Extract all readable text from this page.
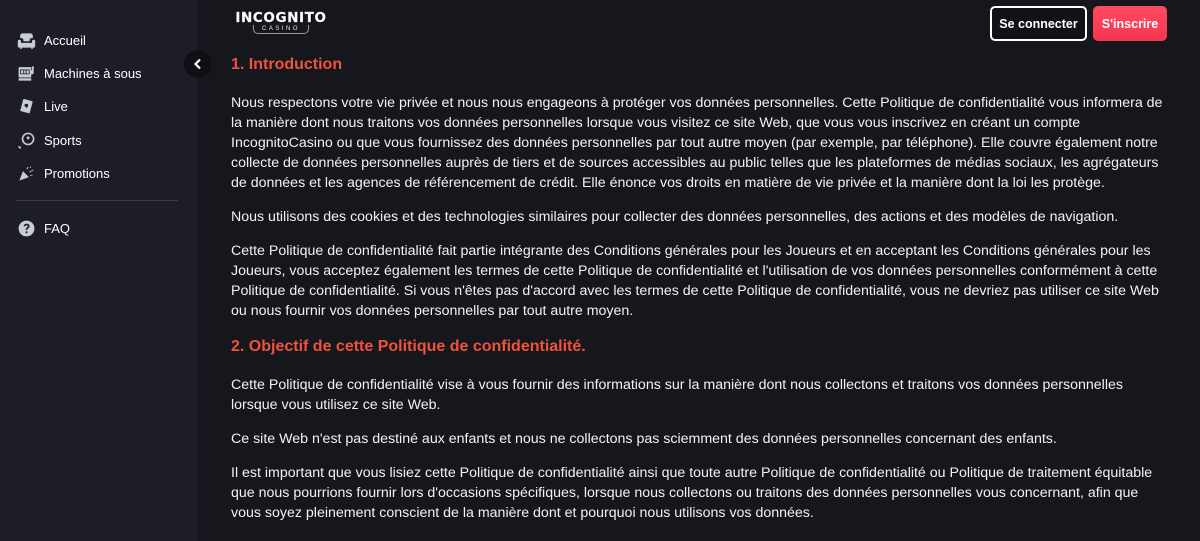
Accueil
Machines à sous
Live
Sports
Promotions
FAQ
INCOGNITO
CASINO	Se connecter	S'inscrire
1. Introduction

Nous respectons votre vie privée et nous nous engageons à protéger vos données personnelles. Cette Politique de confidentialité vous informera de la manière dont nous traitons vos données personnelles lorsque vous visitez ce site Web, que vous vous inscrivez en créant un compte IncognitoCasino ou que vous fournissez des données personnelles par tout autre moyen (par exemple, par téléphone). Elle couvre également notre collecte de données personnelles auprès de tiers et de sources accessibles au public telles que les plateformes de médias sociaux, les agrégateurs de données et les agences de référencement de crédit. Elle énonce vos droits en matière de vie privée et la manière dont la loi les protège.

Nous utilisons des cookies et des technologies similaires pour collecter des données personnelles, des actions et des modèles de navigation.

Cette Politique de confidentialité fait partie intégrante des Conditions générales pour les Joueurs et en acceptant les Conditions générales pour les Joueurs, vous acceptez également les termes de cette Politique de confidentialité et l'utilisation de vos données personnelles conformément à cette Politique de confidentialité. Si vous n'êtes pas d'accord avec les termes de cette Politique de confidentialité, vous ne devriez pas utiliser ce site Web ou nous fournir vos données personnelles par tout autre moyen.

2. Objectif de cette Politique de confidentialité.

Cette Politique de confidentialité vise à vous fournir des informations sur la manière dont nous collectons et traitons vos données personnelles lorsque vous utilisez ce site Web.

Ce site Web n'est pas destiné aux enfants et nous ne collectons pas sciemment des données personnelles concernant des enfants.

Il est important que vous lisiez cette Politique de confidentialité ainsi que toute autre Politique de confidentialité ou Politique de traitement équitable que nous pourrions fournir lors d'occasions spécifiques, lorsque nous collectons ou traitons des données personnelles vous concernant, afin que vous soyez pleinement conscient de la manière dont et pourquoi nous utilisons vos données.
